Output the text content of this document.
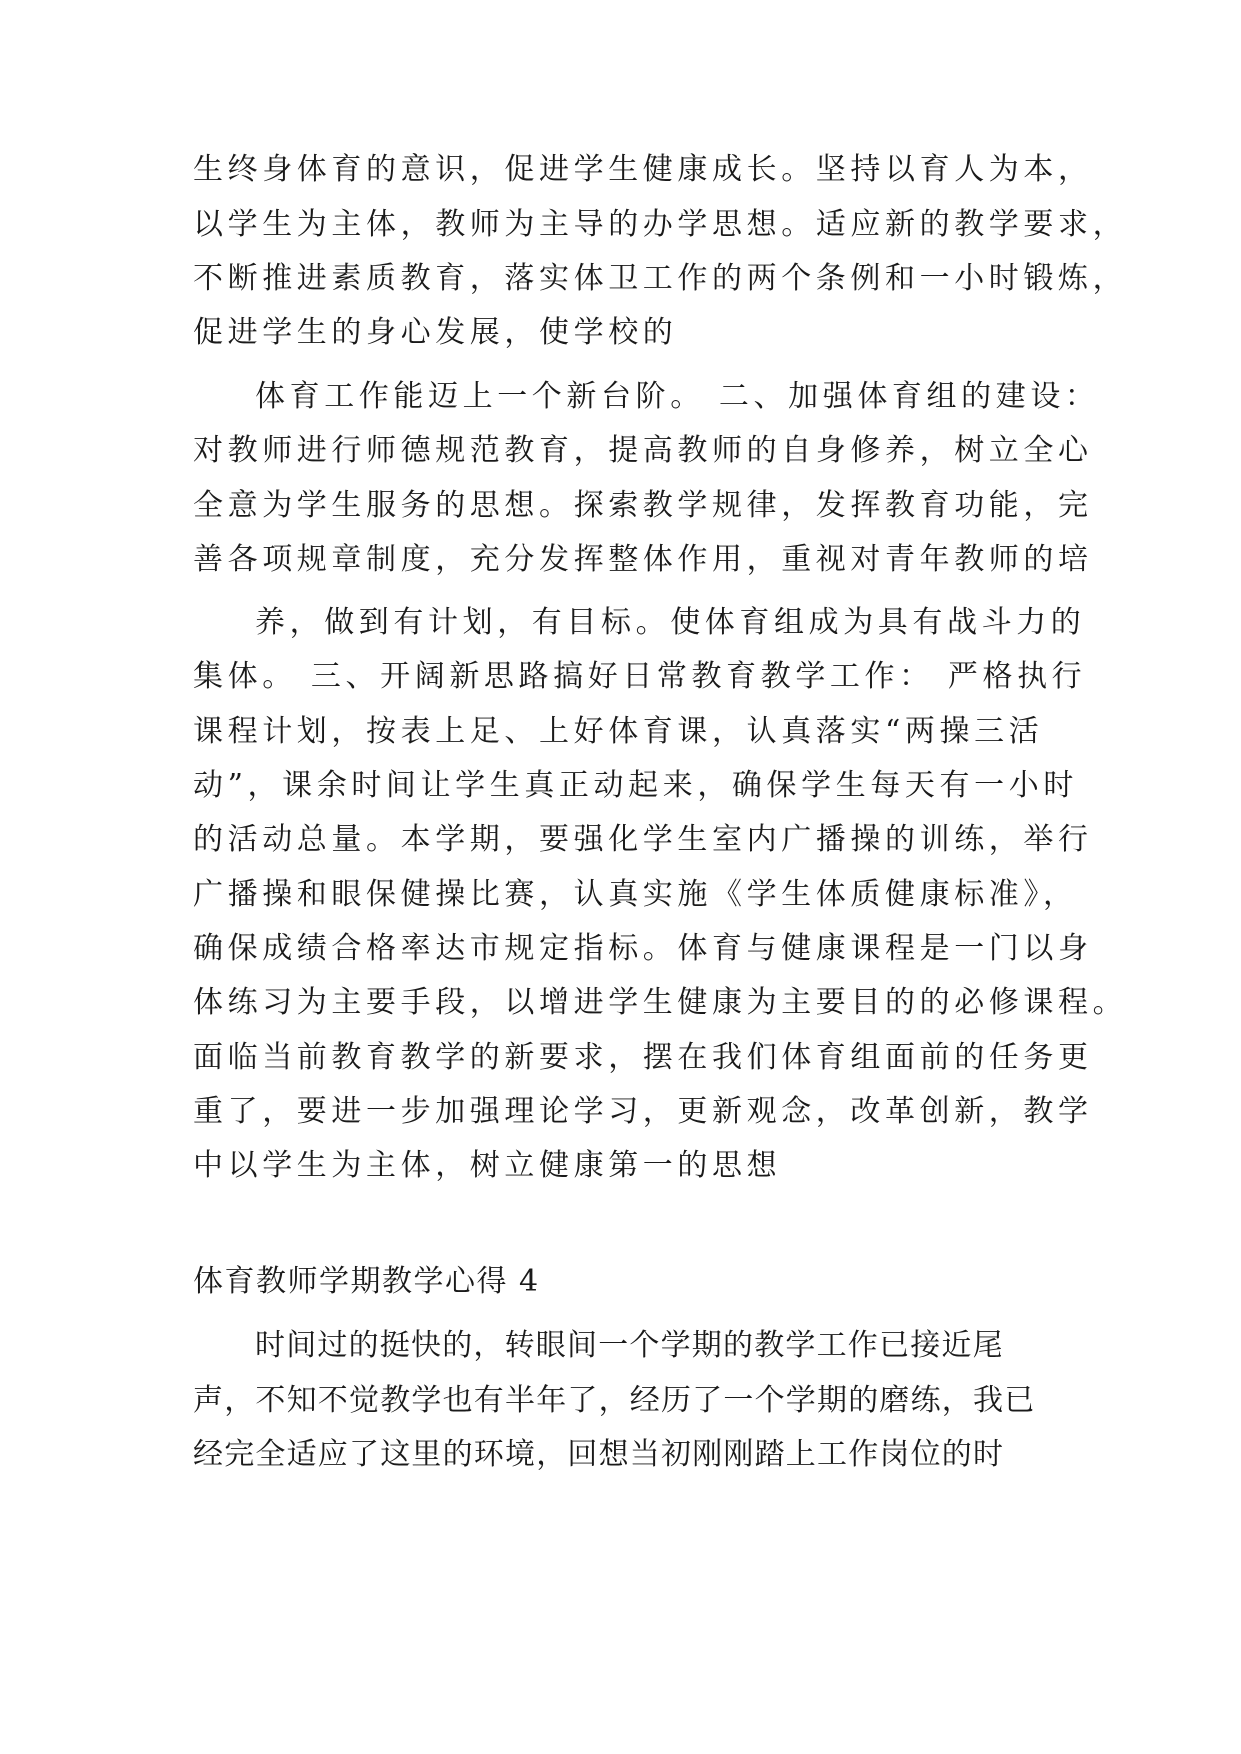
生终身体育的意识，促进学生健康成长。坚持以育人为本，

以学生为主体，教师为主导的办学思想。适应新的教学要求，

不断推进素质教育，落实体卫工作的两个条例和一小时锻炼，

促进学生的身心发展，使学校的

体育工作能迈上一个新台阶。 二、加强体育组的建设：

对教师进行师德规范教育，提高教师的自身修养，树立全心

全意为学生服务的思想。探索教学规律，发挥教育功能，完

善各项规章制度，充分发挥整体作用，重视对青年教师的培

养，做到有计划，有目标。使体育组成为具有战斗力的

集体。 三、开阔新思路搞好日常教育教学工作： 严格执行

课程计划，按表上足、上好体育课，认真落实“两操三活

动”，课余时间让学生真正动起来，确保学生每天有一小时

的活动总量。本学期，要强化学生室内广播操的训练，举行

广播操和眼保健操比赛，认真实施《学生体质健康标准》，

确保成绩合格率达市规定指标。体育与健康课程是一门以身

体练习为主要手段，以增进学生健康为主要目的的必修课程。

面临当前教育教学的新要求，摆在我们体育组面前的任务更

重了，要进一步加强理论学习，更新观念，改革创新，教学

中以学生为主体，树立健康第一的思想

体育教师学期教学心得 4

时间过的挺快的，转眼间一个学期的教学工作已接近尾

声，不知不觉教学也有半年了，经历了一个学期的磨练，我已

经完全适应了这里的环境，回想当初刚刚踏上工作岗位的时
